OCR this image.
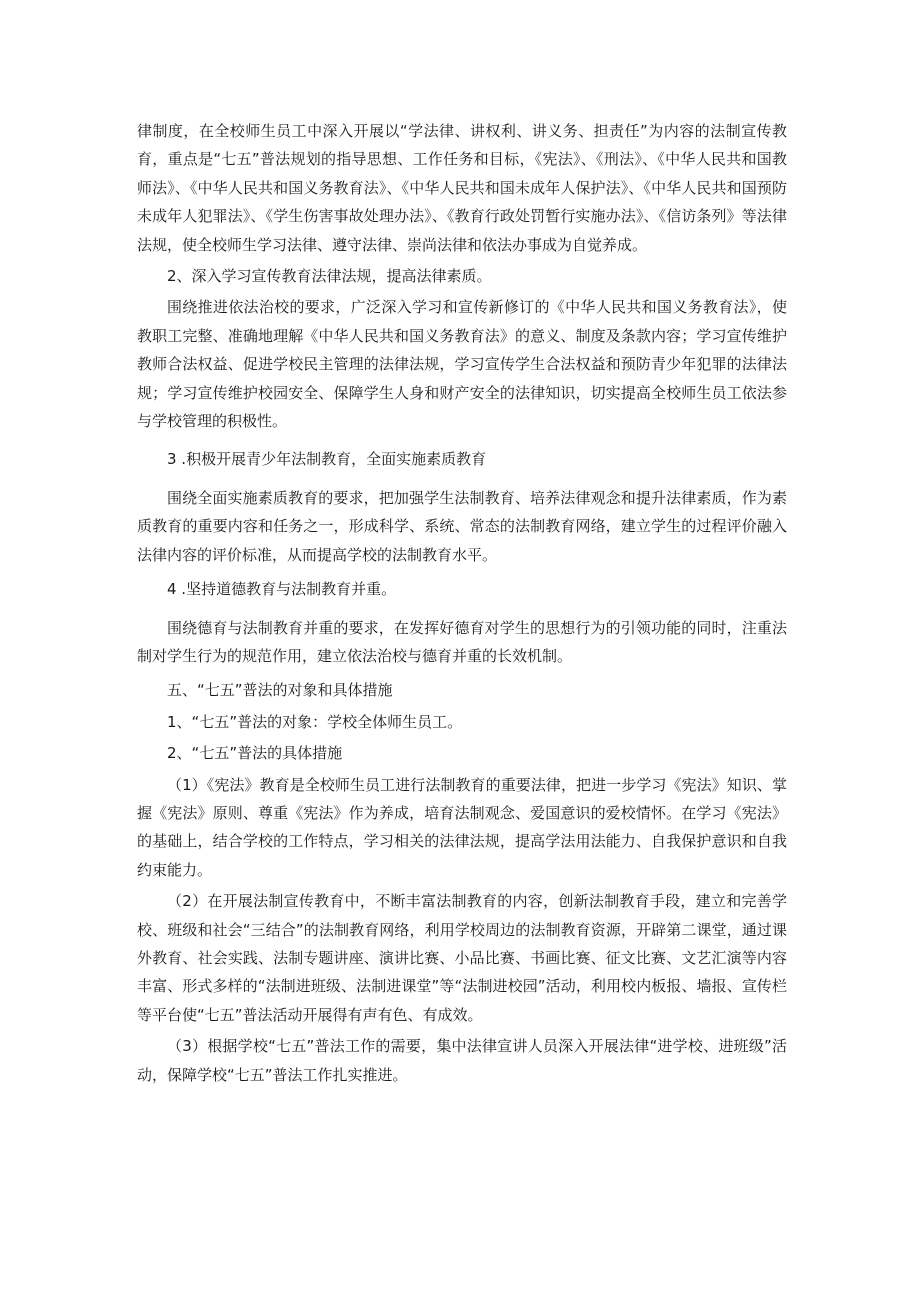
律制度，在全校师生员工中深入开展以“学法律、讲权利、讲义务、担责任”为内容的法制宣传教育，重点是“七五”普法规划的指导思想、工作任务和目标，《宪法》、《刑法》、《中华人民共和国教师法》、《中华人民共和国义务教育法》、《中华人民共和国未成年人保护法》、《中华人民共和国预防未成年人犯罪法》、《学生伤害事故处理办法》、《教育行政处罚暂行实施办法》、《信访条列》等法律法规，使全校师生学习法律、遵守法律、崇尚法律和依法办事成为自觉养成。

2、深入学习宣传教育法律法规，提高法律素质。

围绕推进依法治校的要求，广泛深入学习和宣传新修订的《中华人民共和国义务教育法》，使教职工完整、准确地理解《中华人民共和国义务教育法》的意义、制度及条款内容；学习宣传维护教师合法权益、促进学校民主管理的法律法规，学习宣传学生合法权益和预防青少年犯罪的法律法规；学习宣传维护校园安全、保障学生人身和财产安全的法律知识，切实提高全校师生员工依法参与学校管理的积极性。

3 .积极开展青少年法制教育，全面实施素质教育

围绕全面实施素质教育的要求，把加强学生法制教育、培养法律观念和提升法律素质，作为素质教育的重要内容和任务之一，形成科学、系统、常态的法制教育网络，建立学生的过程评价融入法律内容的评价标准，从而提高学校的法制教育水平。

4 .坚持道德教育与法制教育并重。

围绕德育与法制教育并重的要求，在发挥好德育对学生的思想行为的引领功能的同时，注重法制对学生行为的规范作用，建立依法治校与德育并重的长效机制。

五、“七五”普法的对象和具体措施

1、“七五”普法的对象：学校全体师生员工。

2、“七五”普法的具体措施

（1）《宪法》教育是全校师生员工进行法制教育的重要法律，把进一步学习《宪法》知识、掌握《宪法》原则、尊重《宪法》作为养成，培育法制观念、爱国意识的爱校情怀。在学习《宪法》的基础上，结合学校的工作特点，学习相关的法律法规，提高学法用法能力、自我保护意识和自我约束能力。

（2）在开展法制宣传教育中，不断丰富法制教育的内容，创新法制教育手段，建立和完善学校、班级和社会“三结合”的法制教育网络，利用学校周边的法制教育资源，开辟第二课堂，通过课外教育、社会实践、法制专题讲座、演讲比赛、小品比赛、书画比赛、征文比赛、文艺汇演等内容丰富、形式多样的“法制进班级、法制进课堂”等“法制进校园”活动，利用校内板报、墙报、宣传栏等平台使“七五”普法活动开展得有声有色、有成效。

（3）根据学校“七五”普法工作的需要，集中法律宣讲人员深入开展法律“进学校、进班级”活动，保障学校“七五”普法工作扎实推进。
